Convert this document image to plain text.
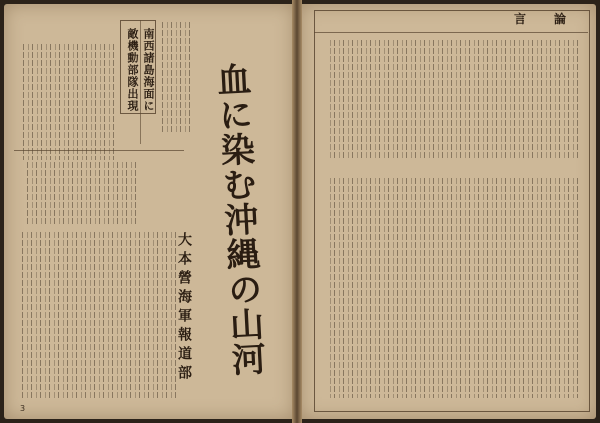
南西諸島海面に
敵機動部隊出現 血に染む沖縄の山河
大本營海軍報道部
3
言　論
